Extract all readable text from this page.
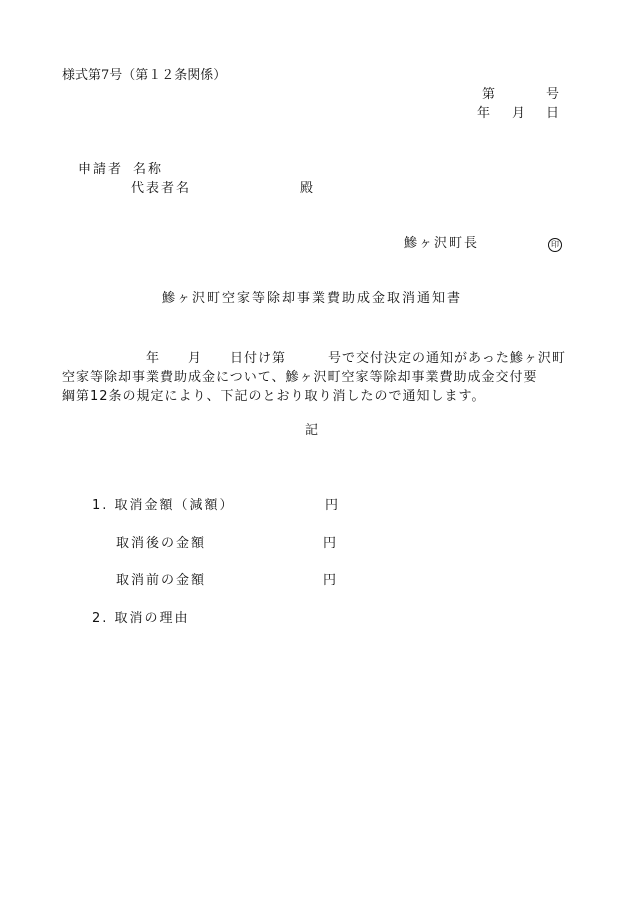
様式第7号（第１２条関係）
第	号
年 月 日
申請者 名称
代表者名	殿
鰺ヶ沢町長	印
鰺ヶ沢町空家等除却事業費助成金取消通知書
　　　　　　年　　月　　日付け第　　　号で交付決定の通知があった鰺ヶ沢町
空家等除却事業費助成金について、鰺ヶ沢町空家等除却事業費助成金交付要
綱第12条の規定により、下記のとおり取り消したので通知します。
記
1. 取消金額（減額）	円
取消後の金額	円
取消前の金額	円
2. 取消の理由
